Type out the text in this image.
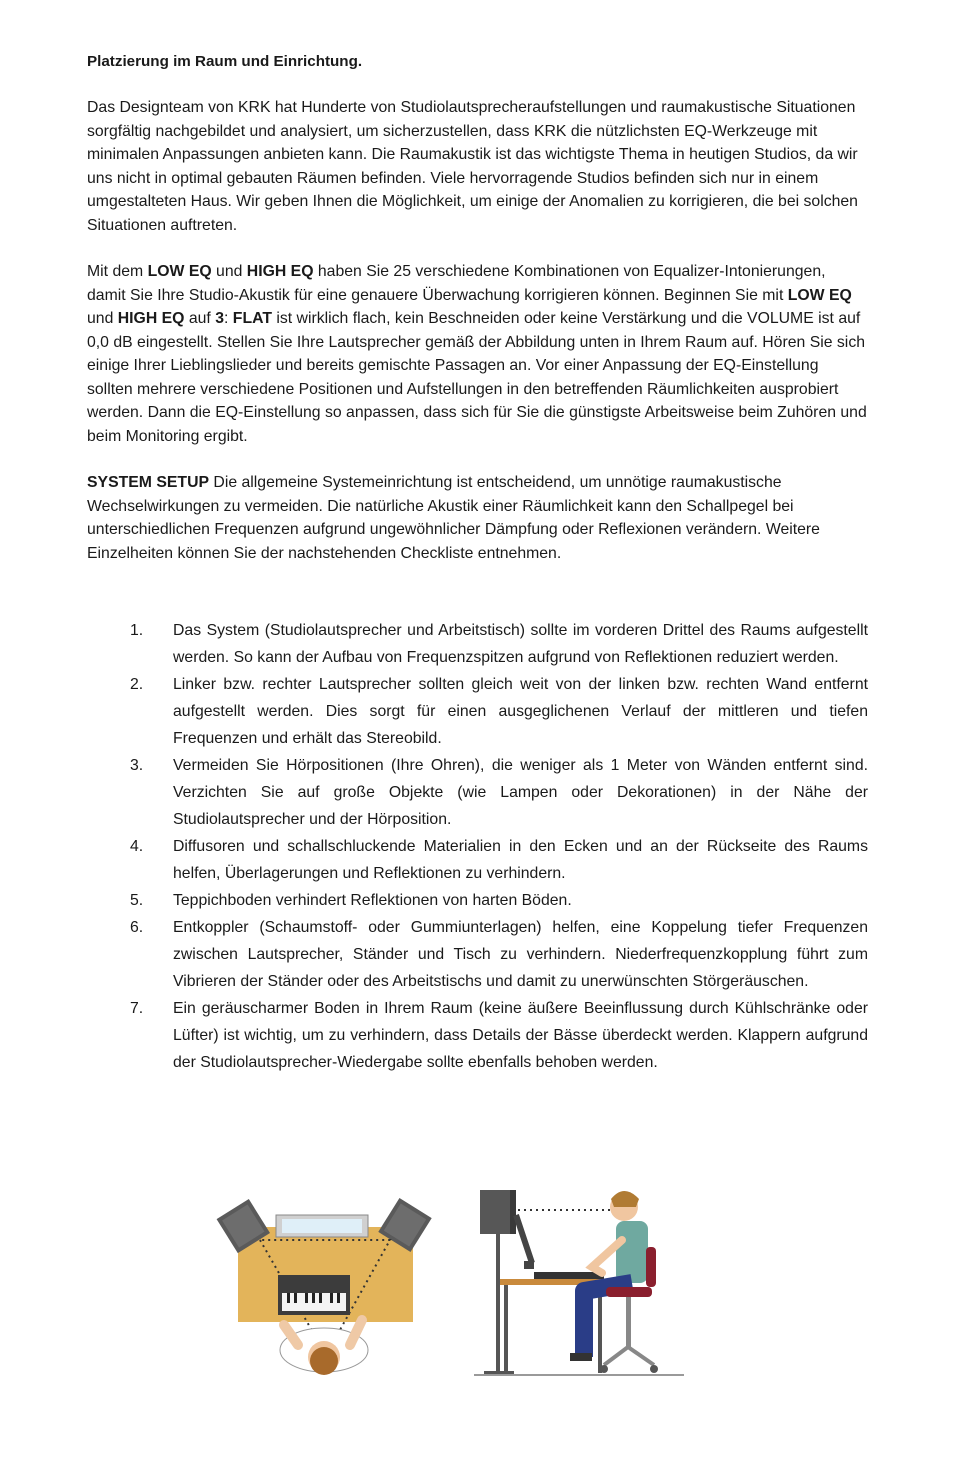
Platzierung im Raum und Einrichtung.

Das Designteam von KRK hat Hunderte von Studiolautsprecheraufstellungen und raumakustische Situationen sorgfältig nachgebildet und analysiert, um sicherzustellen, dass KRK die nützlichsten EQ-Werkzeuge mit minimalen Anpassungen anbieten kann. Die Raumakustik ist das wichtigste Thema in heutigen Studios, da wir uns nicht in optimal gebauten Räumen befinden. Viele hervorragende Studios befinden sich nur in einem umgestalteten Haus. Wir geben Ihnen die Möglichkeit, um einige der Anomalien zu korrigieren, die bei solchen Situationen auftreten.

Mit dem LOW EQ und HIGH EQ haben Sie 25 verschiedene Kombinationen von Equalizer-Intonierungen, damit Sie Ihre Studio-Akustik für eine genauere Überwachung korrigieren können. Beginnen Sie mit LOW EQ und HIGH EQ auf 3: FLAT ist wirklich flach, kein Beschneiden oder keine Verstärkung und die VOLUME ist auf 0,0 dB eingestellt. Stellen Sie Ihre Lautsprecher gemäß der Abbildung unten in Ihrem Raum auf. Hören Sie sich einige Ihrer Lieblingslieder und bereits gemischte Passagen an. Vor einer Anpassung der EQ-Einstellung sollten mehrere verschiedene Positionen und Aufstellungen in den betreffenden Räumlichkeiten ausprobiert werden. Dann die EQ-Einstellung so anpassen, dass sich für Sie die günstigste Arbeitsweise beim Zuhören und beim Monitoring ergibt.

SYSTEM SETUP Die allgemeine Systemeinrichtung ist entscheidend, um unnötige raumakustische Wechselwirkungen zu vermeiden. Die natürliche Akustik einer Räumlichkeit kann den Schallpegel bei unterschiedlichen Frequenzen aufgrund ungewöhnlicher Dämpfung oder Reflexionen verändern. Weitere Einzelheiten können Sie der nachstehenden Checkliste entnehmen.

1. Das System (Studiolautsprecher und Arbeitstisch) sollte im vorderen Drittel des Raums aufgestellt werden. So kann der Aufbau von Frequenzspitzen aufgrund von Reflektionen reduziert werden.
2. Linker bzw. rechter Lautsprecher sollten gleich weit von der linken bzw. rechten Wand entfernt aufgestellt werden. Dies sorgt für einen ausgeglichenen Verlauf der mittleren und tiefen Frequenzen und erhält das Stereobild.
3. Vermeiden Sie Hörpositionen (Ihre Ohren), die weniger als 1 Meter von Wänden entfernt sind. Verzichten Sie auf große Objekte (wie Lampen oder Dekorationen) in der Nähe der Studiolautsprecher und der Hörposition.
4. Diffusoren und schallschluckende Materialien in den Ecken und an der Rückseite des Raums helfen, Überlagerungen und Reflektionen zu verhindern.
5. Teppichboden verhindert Reflektionen von harten Böden.
6. Entkoppler (Schaumstoff- oder Gummiunterlagen) helfen, eine Koppelung tiefer Frequenzen zwischen Lautsprecher, Ständer und Tisch zu verhindern. Niederfrequenzkopplung führt zum Vibrieren der Ständer oder des Arbeitstischs und damit zu unerwünschten Störgeräuschen.
7. Ein geräuscharmer Boden in Ihrem Raum (keine äußere Beeinflussung durch Kühlschränke oder Lüfter) ist wichtig, um zu verhindern, dass Details der Bässe überdeckt werden. Klappern aufgrund der Studiolautsprecher-Wiedergabe sollte ebenfalls behoben werden.
